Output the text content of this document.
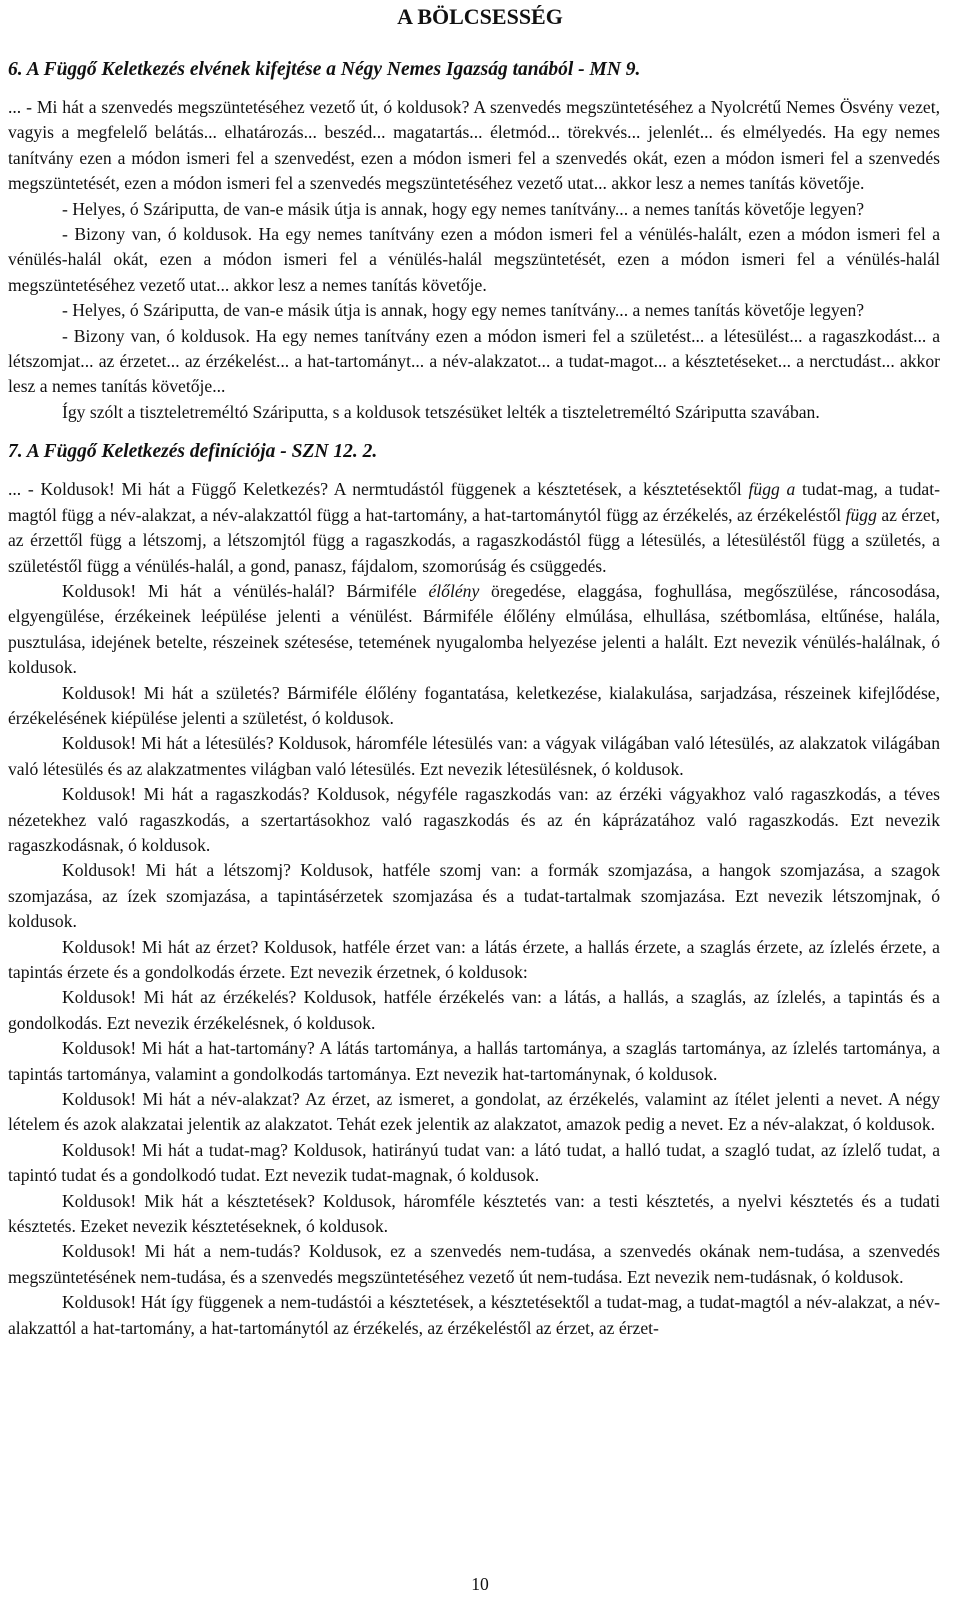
A BÖLCSESSÉG
6. A Függő Keletkezés elvének kifejtése a Négy Nemes Igazság tanából - MN 9.

... - Mi hát a szenvedés megszüntetéséhez vezető út, ó koldusok? A szenvedés megszüntetéséhez a Nyolcrétű Nemes Ösvény vezet, vagyis a megfelelő belátás... elhatározás... beszéd... magatartás... életmód... törekvés... jelenlét... és elmélyedés. Ha egy nemes tanítvány ezen a módon ismeri fel a szenvedést, ezen a módon ismeri fel a szenvedés okát, ezen a módon ismeri fel a szenvedés megszüntetését, ezen a módon ismeri fel a szenvedés megszüntetéséhez vezető utat... akkor lesz a nemes tanítás követője.

- Helyes, ó Száriputta, de van-e másik útja is annak, hogy egy nemes tanítvány... a nemes tanítás követője legyen?

- Bizony van, ó koldusok. Ha egy nemes tanítvány ezen a módon ismeri fel a vénülés-halált, ezen a módon ismeri fel a vénülés-halál okát, ezen a módon ismeri fel a vénülés-halál megszüntetését, ezen a módon ismeri fel a vénülés-halál megszüntetéséhez vezető utat... akkor lesz a nemes tanítás követője.

- Helyes, ó Száriputta, de van-e másik útja is annak, hogy egy nemes tanítvány... a nemes tanítás követője legyen?

- Bizony van, ó koldusok. Ha egy nemes tanítvány ezen a módon ismeri fel a születést... a létesülést... a ragaszkodást... a létszomjat... az érzetet... az érzékelést... a hat-tartományt... a név-alakzatot... a tudat-magot... a késztetéseket... a nerctudást... akkor lesz a nemes tanítás követője...

Így szólt a tiszteletreméltó Száriputta, s a koldusok tetszésüket lelték a tiszteletreméltó Száriputta szavában.

7. A Függő Keletkezés definíciója - SZN 12. 2.

... - Koldusok! Mi hát a Függő Keletkezés? A nermtudástól függenek a késztetések, a késztetésektől függ a tudat-mag, a tudat-magtól függ a név-alakzat, a név-alakzattól függ a hat-tartomány, a hat-tartománytól függ az érzékelés, az érzékeléstől függ az érzet, az érzettől függ a létszomj, a létszomjtól függ a ragaszkodás, a ragaszkodástól függ a létesülés, a létesüléstől függ a születés, a születéstől függ a vénülés-halál, a gond, panasz, fájdalom, szomorúság és csüggedés.

Koldusok! Mi hát a vénülés-halál? Bármiféle élőlény öregedése, elaggása, foghullása, megőszülése, ráncosodása, elgyengülése, érzékeinek leépülése jelenti a vénülést. Bármiféle élőlény elmúlása, elhullása, szétbomlása, eltűnése, halála, pusztulása, idejének betelte, részeinek szétesése, tetemének nyugalomba helyezése jelenti a halált. Ezt nevezik vénülés-halálnak, ó koldusok.

Koldusok! Mi hát a születés? Bármiféle élőlény fogantatása, keletkezése, kialakulása, sarjadzása, részeinek kifejlődése, érzékelésének kiépülése jelenti a születést, ó koldusok.

Koldusok! Mi hát a létesülés? Koldusok, háromféle létesülés van: a vágyak világában való létesülés, az alakzatok világában való létesülés és az alakzatmentes világban való létesülés. Ezt nevezik létesülésnek, ó koldusok.

Koldusok! Mi hát a ragaszkodás? Koldusok, négyféle ragaszkodás van: az érzéki vágyakhoz való ragaszkodás, a téves nézetekhez való ragaszkodás, a szertartásokhoz való ragaszkodás és az én káprázatához való ragaszkodás. Ezt nevezik ragaszkodásnak, ó koldusok.

Koldusok! Mi hát a létszomj? Koldusok, hatféle szomj van: a formák szomjazása, a hangok szomjazása, a szagok szomjazása, az ízek szomjazása, a tapintásérzetek szomjazása és a tudat-tartalmak szomjazása. Ezt nevezik létszomjnak, ó koldusok.

Koldusok! Mi hát az érzet? Koldusok, hatféle érzet van: a látás érzete, a hallás érzete, a szaglás érzete, az ízlelés érzete, a tapintás érzete és a gondolkodás érzete. Ezt nevezik érzetnek, ó koldusok:

Koldusok! Mi hát az érzékelés? Koldusok, hatféle érzékelés van: a látás, a hallás, a szaglás, az ízlelés, a tapintás és a gondolkodás. Ezt nevezik érzékelésnek, ó koldusok.

Koldusok! Mi hát a hat-tartomány? A látás tartománya, a hallás tartománya, a szaglás tartománya, az ízlelés tartománya, a tapintás tartománya, valamint a gondolkodás tartománya. Ezt nevezik hat-tartománynak, ó koldusok.

Koldusok! Mi hát a név-alakzat? Az érzet, az ismeret, a gondolat, az érzékelés, valamint az ítélet jelenti a nevet. A négy lételem és azok alakzatai jelentik az alakzatot. Tehát ezek jelentik az alakzatot, amazok pedig a nevet. Ez a név-alakzat, ó koldusok.

Koldusok! Mi hát a tudat-mag? Koldusok, hatirányú tudat van: a látó tudat, a halló tudat, a szagló tudat, az ízlelő tudat, a tapintó tudat és a gondolkodó tudat. Ezt nevezik tudat-magnak, ó koldusok.

Koldusok! Mik hát a késztetések? Koldusok, háromféle késztetés van: a testi késztetés, a nyelvi késztetés és a tudati késztetés. Ezeket nevezik késztetéseknek, ó koldusok.

Koldusok! Mi hát a nem-tudás? Koldusok, ez a szenvedés nem-tudása, a szenvedés okának nem-tudása, a szenvedés megszüntetésének nem-tudása, és a szenvedés megszüntetéséhez vezető út nem-tudása. Ezt nevezik nem-tudásnak, ó koldusok.

Koldusok! Hát így függenek a nem-tudástói a késztetések, a késztetésektől a tudat-mag, a tudat-magtól a név-alakzat, a név-alakzattól a hat-tartomány, a hat-tartománytól az érzékelés, az érzékeléstől az érzet, az érzet-

10
